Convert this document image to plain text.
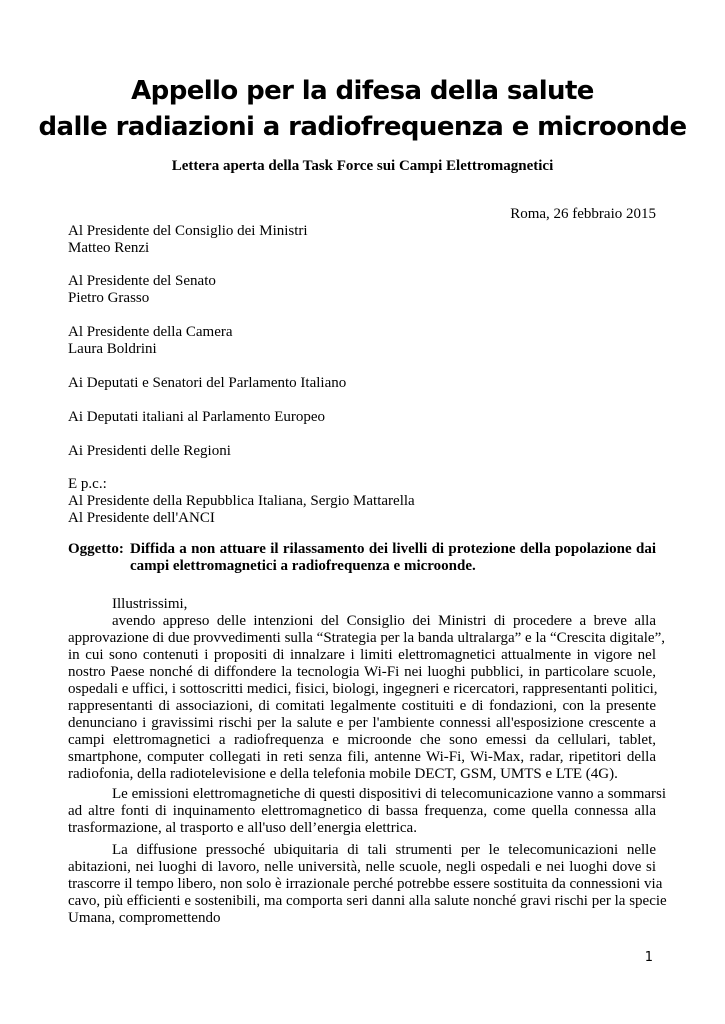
Appello per la difesa della salute
dalle radiazioni a radiofrequenza e microonde
Lettera aperta della Task Force sui Campi Elettromagnetici
Roma, 26 febbraio 2015
Al Presidente del Consiglio dei Ministri
Matteo Renzi
Al Presidente del Senato
Pietro Grasso
Al Presidente della Camera
Laura Boldrini
Ai Deputati e Senatori del Parlamento Italiano
Ai Deputati italiani al Parlamento Europeo
Ai Presidenti delle Regioni
E p.c.:
Al Presidente della Repubblica Italiana, Sergio Mattarella
Al Presidente dell'ANCI
Oggetto: Diffida a non attuare il rilassamento dei livelli di protezione della popolazione dai
campi elettromagnetici a radiofrequenza e microonde.
Illustrissimi,
avendo appreso delle intenzioni del Consiglio dei Ministri di procedere a breve alla
approvazione di due provvedimenti sulla “Strategia per la banda ultralarga” e la “Crescita digitale”,
in cui sono contenuti i propositi di innalzare i limiti elettromagnetici attualmente in vigore nel
nostro Paese nonché di diffondere la tecnologia Wi-Fi nei luoghi pubblici, in particolare scuole,
ospedali e uffici, i sottoscritti medici, fisici, biologi, ingegneri e ricercatori, rappresentanti politici,
rappresentanti di associazioni, di comitati legalmente costituiti e di fondazioni, con la presente
denunciano i gravissimi rischi per la salute e per l'ambiente connessi all'esposizione crescente a
campi elettromagnetici a radiofrequenza e microonde che sono emessi da cellulari, tablet,
smartphone, computer collegati in reti senza fili, antenne Wi-Fi, Wi-Max, radar, ripetitori della
radiofonia, della radiotelevisione e della telefonia mobile DECT, GSM, UMTS e LTE (4G).
Le emissioni elettromagnetiche di questi dispositivi di telecomunicazione vanno a sommarsi
ad altre fonti di inquinamento elettromagnetico di bassa frequenza, come quella connessa alla
trasformazione, al trasporto e all'uso dell’energia elettrica.
La diffusione pressoché ubiquitaria di tali strumenti per le telecomunicazioni nelle
abitazioni, nei luoghi di lavoro, nelle università, nelle scuole, negli ospedali e nei luoghi dove si
trascorre il tempo libero, non solo è irrazionale perché potrebbe essere sostituita da connessioni via
cavo, più efficienti e sostenibili, ma comporta seri danni alla salute nonché gravi rischi per la specie
Umana, compromettendo
1
